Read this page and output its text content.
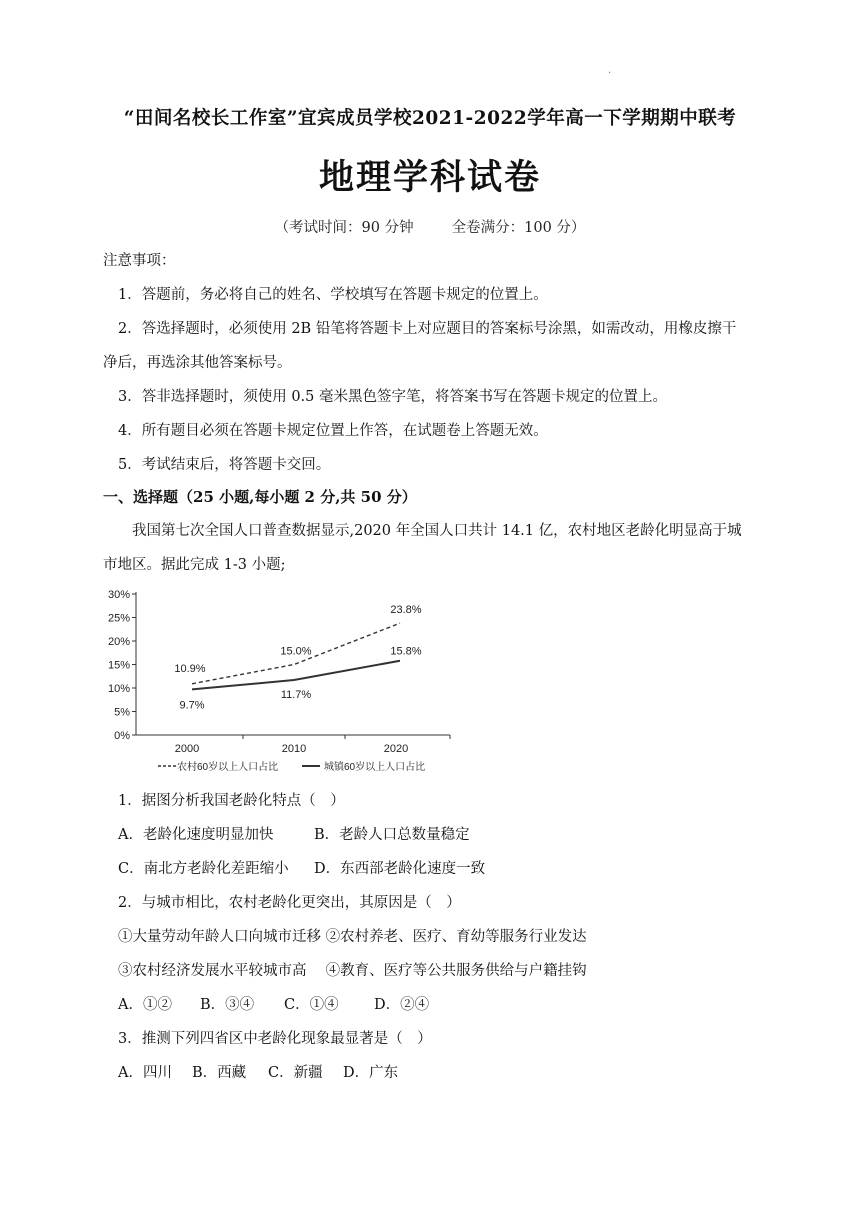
·
“田间名校长工作室”宜宾成员学校2021-2022学年高一下学期期中联考
地理学科试卷
（考试时间：90 分钟	全卷满分：100 分）
注意事项：
1．答题前，务必将自己的姓名、学校填写在答题卡规定的位置上。
2．答选择题时，必须使用 2B 铅笔将答题卡上对应题目的答案标号涂黑，如需改动，用橡皮擦干
净后，再选涂其他答案标号。
3．答非选择题时，须使用 0.5 毫米黑色签字笔，将答案书写在答题卡规定的位置上。
4．所有题目必须在答题卡规定位置上作答，在试题卷上答题无效。
5．考试结束后，将答题卡交回。
一、选择题（25 小题,每小题 2 分,共 50 分）
我国第七次全国人口普查数据显示,2020 年全国人口共计 14.1 亿，农村地区老龄化明显高于城
市地区。据此完成 1-3 小题;
0%
5%
10%
15%
20%
25%
30%
2000	2010	2020
10.9%
15.0%
23.8%
9.7%
11.7%
15.8%
农村60岁以上人口占比	城镇60岁以上人口占比
1．据图分析我国老龄化特点（　）
A．老龄化速度明显加快	B．老龄人口总数量稳定
C．南北方老龄化差距缩小 D．东西部老龄化速度一致
2．与城市相比，农村老龄化更突出，其原因是（　）
①大量劳动年龄人口向城市迁移 ②农村养老、医疗、育幼等服务行业发达
③农村经济发展水平较城市高　 ④教育、医疗等公共服务供给与户籍挂钩
A．①② B．③④ C．①④ D．②④
3．推测下列四省区中老龄化现象最显著是（　）
A．四川 B．西藏 C．新疆 D．广东
